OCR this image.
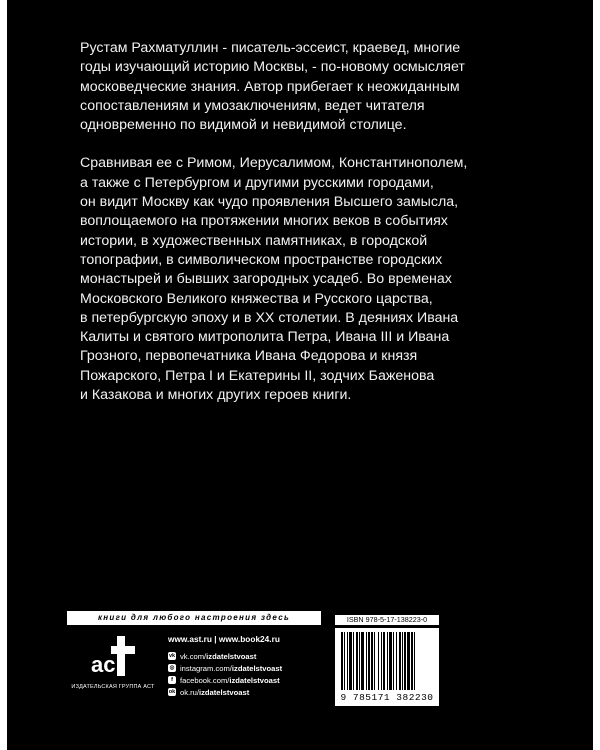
Рустам Рахматуллин - писатель-эссеист, краевед, многие
годы изучающий историю Москвы, - по-новому осмысляет
московедческие знания. Автор прибегает к неожиданным
сопоставлениям и умозаключениям, ведет читателя
одновременно по видимой и невидимой столице.

Сравнивая ее с Римом, Иерусалимом, Константинополем,
а также с Петербургом и другими русскими городами,
он видит Москву как чудо проявления Высшего замысла,
воплощаемого на протяжении многих веков в событиях
истории, в художественных памятниках, в городской
топографии, в символическом пространстве городских
монастырей и бывших загородных усадеб. Во временах
Московского Великого княжества и Русского царства,
в петербургскую эпоху и в XX столетии. В деяниях Ивана
Калиты и святого митрополита Петра, Ивана III и Ивана
Грозного, первопечатника Ивана Федорова и князя
Пожарского, Петра I и Екатерины II, зодчих Баженова
и Казакова и многих других героев книги.

книги для любого настроения здесь
ac
ИЗДАТЕЛЬСКАЯ ГРУППА АСТ
www.ast.ru | www.book24.ru
vk vk.com/ izdatelstvoast
◎ instagram.com/ izdatelstvoast
f facebook.com/ izdatelstvoast
ok ok.ru/ izdatelstvoast
ISBN 978-5-17-138223-0
9 785171 382230
